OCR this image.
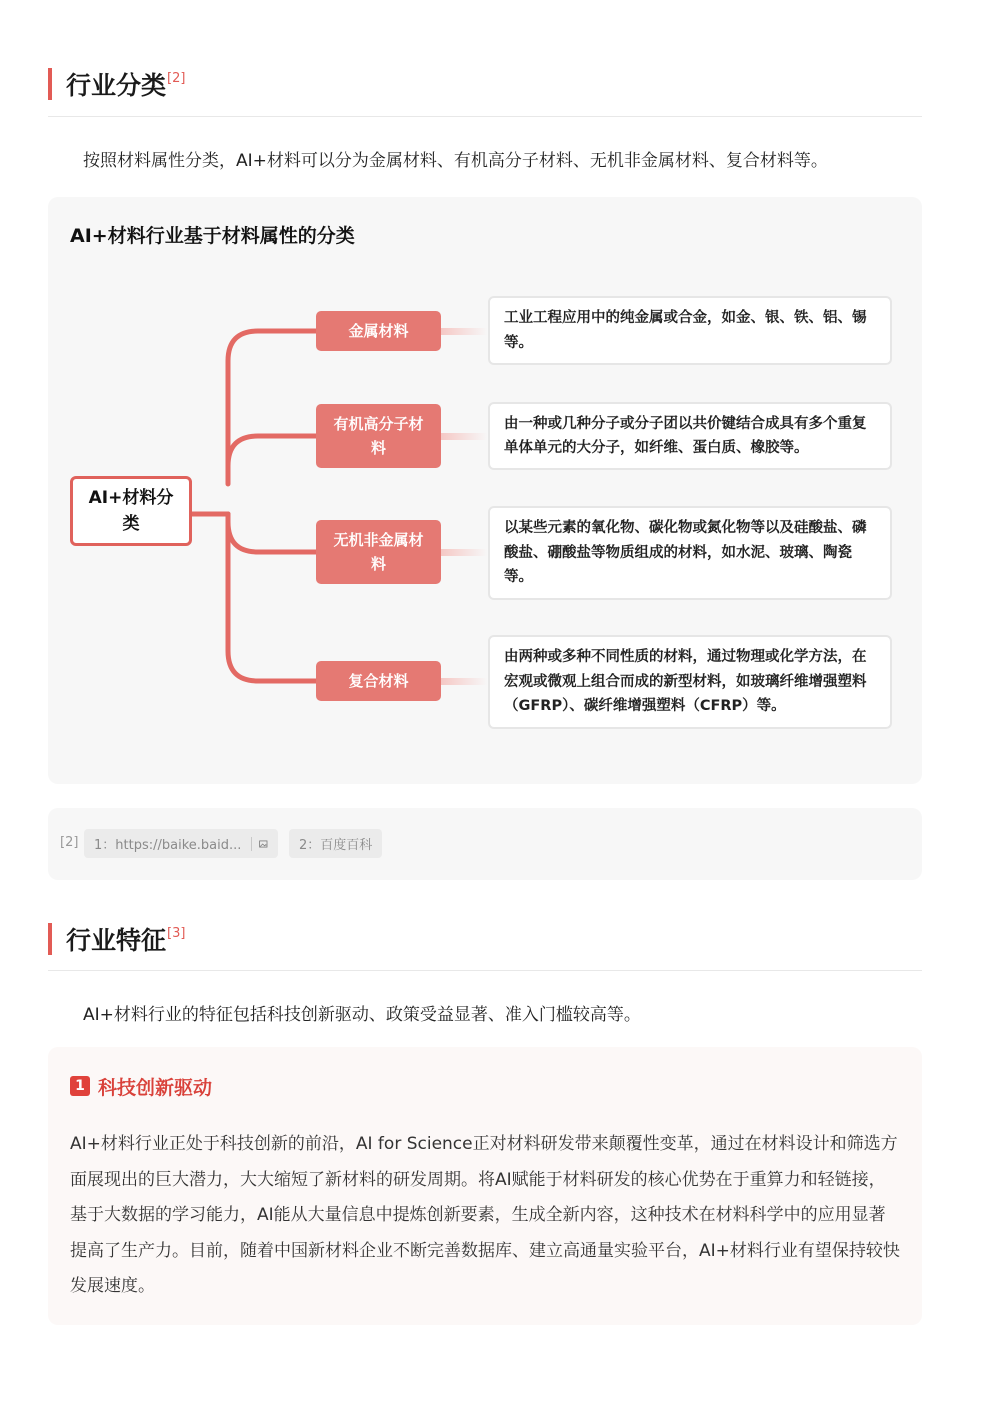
行业分类[2]
按照材料属性分类，AI+材料可以分为金属材料、有机高分子材料、无机非金属材料、复合材料等。
AI+材料行业基于材料属性的分类
AI+材料分类
金属材料
有机高分子材料
无机非金属材料
复合材料
工业工程应用中的纯金属或合金，如金、银、铁、铝、锡等。
由一种或几种分子或分子团以共价键结合成具有多个重复单体单元的大分子，如纤维、蛋白质、橡胶等。
以某些元素的氧化物、碳化物或氮化物等以及硅酸盐、磷酸盐、硼酸盐等物质组成的材料，如水泥、玻璃、陶瓷等。
由两种或多种不同性质的材料，通过物理或化学方法，在宏观或微观上组合而成的新型材料，如玻璃纤维增强塑料（GFRP）、碳纤维增强塑料（CFRP）等。
[2] 1：https://baike.baid...	2：百度百科
行业特征[3]
AI+材料行业的特征包括科技创新驱动、政策受益显著、准入门槛较高等。
1 科技创新驱动
AI+材料行业正处于科技创新的前沿，AI for Science正对材料研发带来颠覆性变革，通过在材料设计和筛选方面展现出的巨大潜力，大大缩短了新材料的研发周期。将AI赋能于材料研发的核心优势在于重算力和轻链接，基于大数据的学习能力，AI能从大量信息中提炼创新要素，生成全新内容，这种技术在材料科学中的应用显著提高了生产力。目前，随着中国新材料企业不断完善数据库、建立高通量实验平台，AI+材料行业有望保持较快发展速度。
